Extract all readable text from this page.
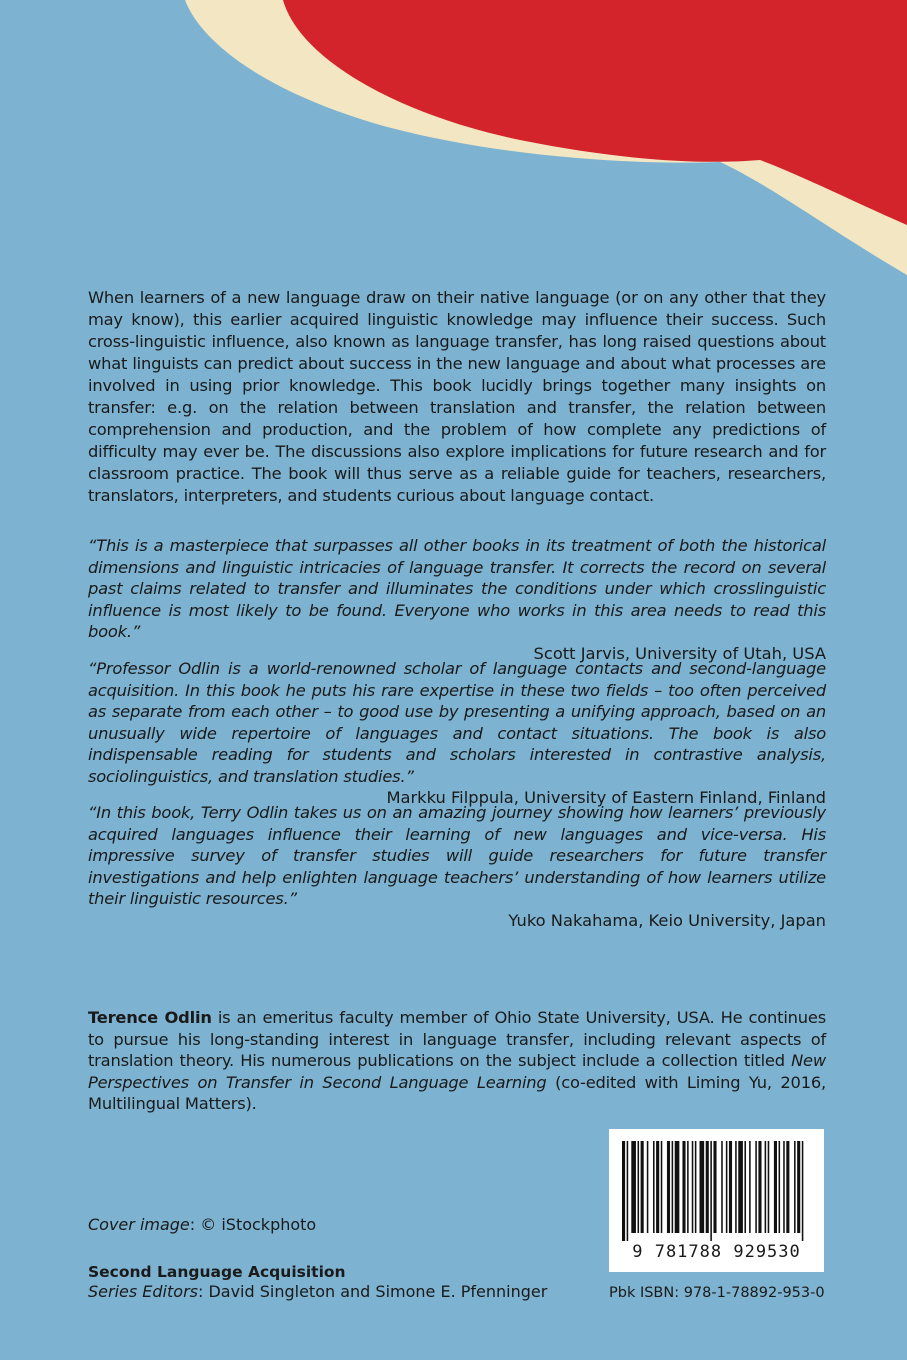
When learners of a new language draw on their native language (or on any other that they may know), this earlier acquired linguistic knowledge may influence their success. Such cross-linguistic influence, also known as language transfer, has long raised questions about what linguists can predict about success in the new language and about what processes are involved in using prior knowledge. This book lucidly brings together many insights on transfer: e.g. on the relation between translation and transfer, the relation between comprehension and production, and the problem of how complete any predictions of difficulty may ever be. The discussions also explore implications for future research and for classroom practice. The book will thus serve as a reliable guide for teachers, researchers, translators, interpreters, and students curious about language contact.
“This is a masterpiece that surpasses all other books in its treatment of both the historical dimensions and linguistic intricacies of language transfer. It corrects the record on several past claims related to transfer and illuminates the conditions under which crosslinguistic influence is most likely to be found. Everyone who works in this area needs to read this book.”
Scott Jarvis, University of Utah, USA
“Professor Odlin is a world-renowned scholar of language contacts and second-language acquisition. In this book he puts his rare expertise in these two fields – too often perceived as separate from each other – to good use by presenting a unifying approach, based on an unusually wide repertoire of languages and contact situations. The book is also indispensable reading for students and scholars interested in contrastive analysis, sociolinguistics, and translation studies.”
Markku Filppula, University of Eastern Finland, Finland
“In this book, Terry Odlin takes us on an amazing journey showing how learners’ previously acquired languages influence their learning of new languages and vice-versa. His impressive survey of transfer studies will guide researchers for future transfer investigations and help enlighten language teachers’ understanding of how learners utilize their linguistic resources.”
Yuko Nakahama, Keio University, Japan
Terence Odlin is an emeritus faculty member of Ohio State University, USA. He continues to pursue his long-standing interest in language transfer, including relevant aspects of translation theory. His numerous publications on the subject include a collection titled New Perspectives on Transfer in Second Language Learning (co-edited with Liming Yu, 2016, Multilingual Matters).
Cover image: © iStockphoto
Second Language Acquisition
Series Editors: David Singleton and Simone E. Pfenninger
9 781788 929530
Pbk ISBN: 978-1-78892-953-0
